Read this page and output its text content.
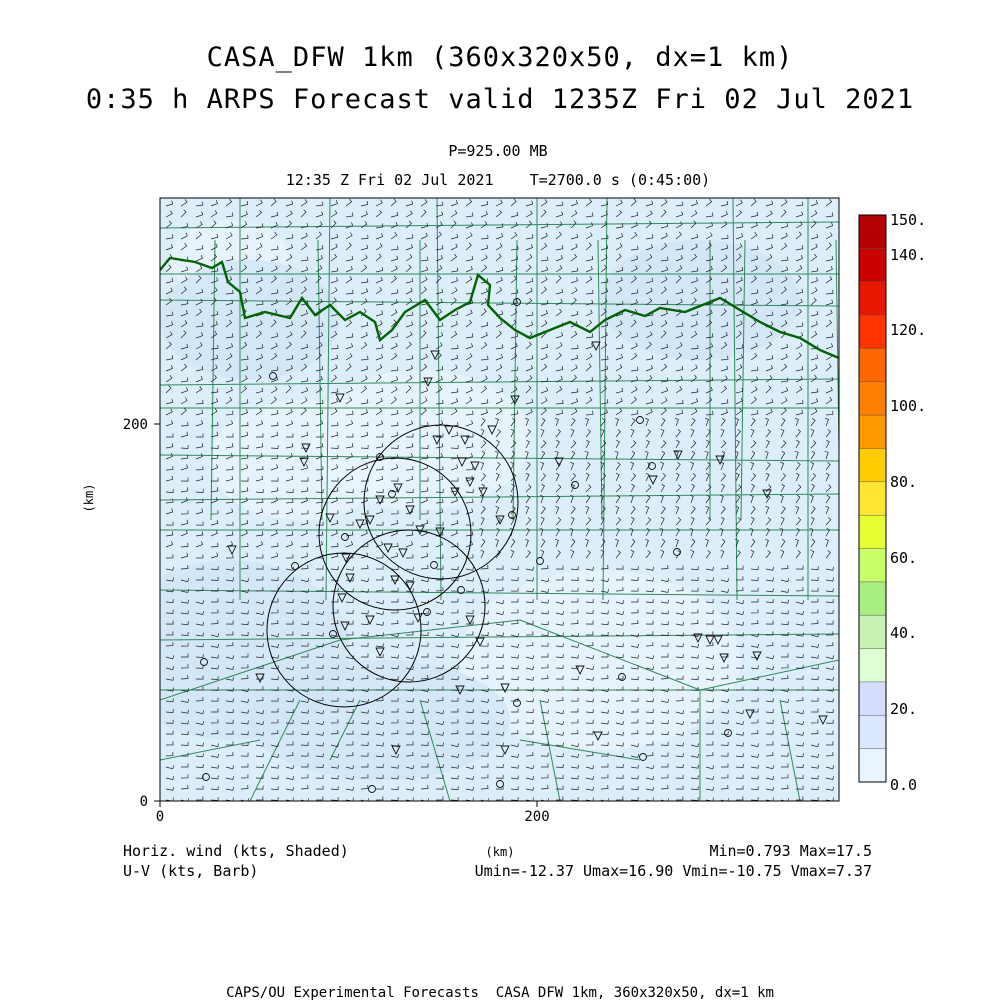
CASA_DFW 1km (360x320x50, dx=1 km)
0:35 h ARPS Forecast valid 1235Z Fri 02 Jul 2021
P=925.00 MB
12:35 Z Fri 02 Jul 2021    T=2700.0 s (0:45:00)
0	200
0
200
(km)
150.
140.
120.
100.
80.
60.
40.
20.
0.0
Horiz. wind (kts, Shaded)
U-V (kts, Barb)
(km)	Min=0.793 Max=17.5
Umin=-12.37 Umax=16.90 Vmin=-10.75 Vmax=7.37
CAPS/OU Experimental Forecasts  CASA DFW 1km, 360x320x50, dx=1 km
